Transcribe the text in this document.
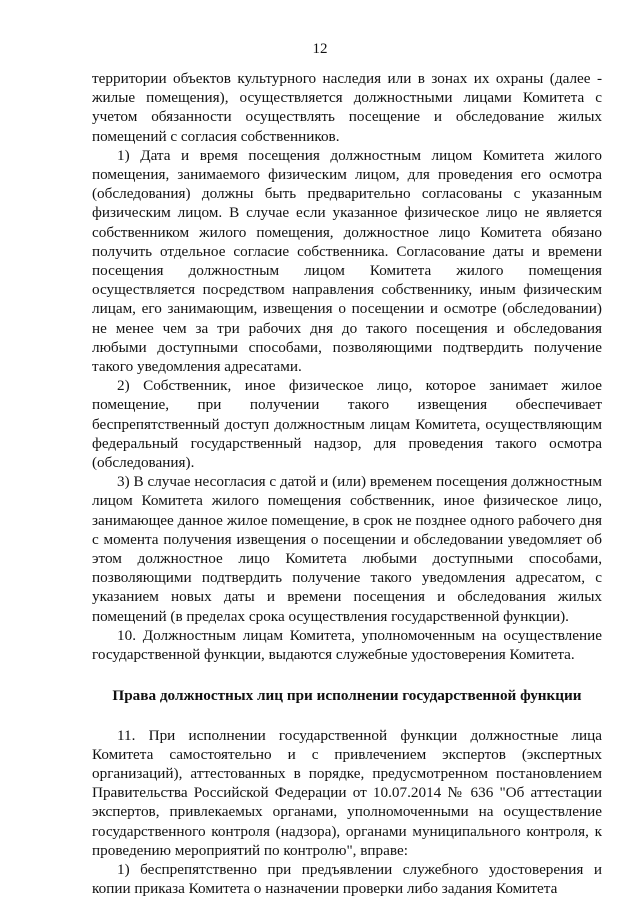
12

территории объектов культурного наследия или в зонах их охраны (далее - жилые помещения), осуществляется должностными лицами Комитета с учетом обязанности осуществлять посещение и обследование жилых помещений с согласия собственников.

1) Дата и время посещения должностным лицом Комитета жилого помещения, занимаемого физическим лицом, для проведения его осмотра (обследования) должны быть предварительно согласованы с указанным физическим лицом. В случае если указанное физическое лицо не является собственником жилого помещения, должностное лицо Комитета обязано получить отдельное согласие собственника. Согласование даты и времени посещения должностным лицом Комитета жилого помещения осуществляется посредством направления собственнику, иным физическим лицам, его занимающим, извещения о посещении и осмотре (обследовании) не менее чем за три рабочих дня до такого посещения и обследования любыми доступными способами, позволяющими подтвердить получение такого уведомления адресатами.

2) Собственник, иное физическое лицо, которое занимает жилое помещение, при получении такого извещения обеспечивает беспрепятственный доступ должностным лицам Комитета, осуществляющим федеральный государственный надзор, для проведения такого осмотра (обследования).

3) В случае несогласия с датой и (или) временем посещения должностным лицом Комитета жилого помещения собственник, иное физическое лицо, занимающее данное жилое помещение, в срок не позднее одного рабочего дня с момента получения извещения о посещении и обследовании уведомляет об этом должностное лицо Комитета любыми доступными способами, позволяющими подтвердить получение такого уведомления адресатом, с указанием новых даты и времени посещения и обследования жилых помещений (в пределах срока осуществления государственной функции).

10. Должностным лицам Комитета, уполномоченным на осуществление государственной функции, выдаются служебные удостоверения Комитета.

Права должностных лиц при исполнении государственной функции

11. При исполнении государственной функции должностные лица Комитета самостоятельно и с привлечением экспертов (экспертных организаций), аттестованных в порядке, предусмотренном постановлением Правительства Российской Федерации от 10.07.2014 № 636 "Об аттестации экспертов, привлекаемых органами, уполномоченными на осуществление государственного контроля (надзора), органами муниципального контроля, к проведению мероприятий по контролю", вправе:

1) беспрепятственно при предъявлении служебного удостоверения и копии приказа Комитета о назначении проверки либо задания Комитета
